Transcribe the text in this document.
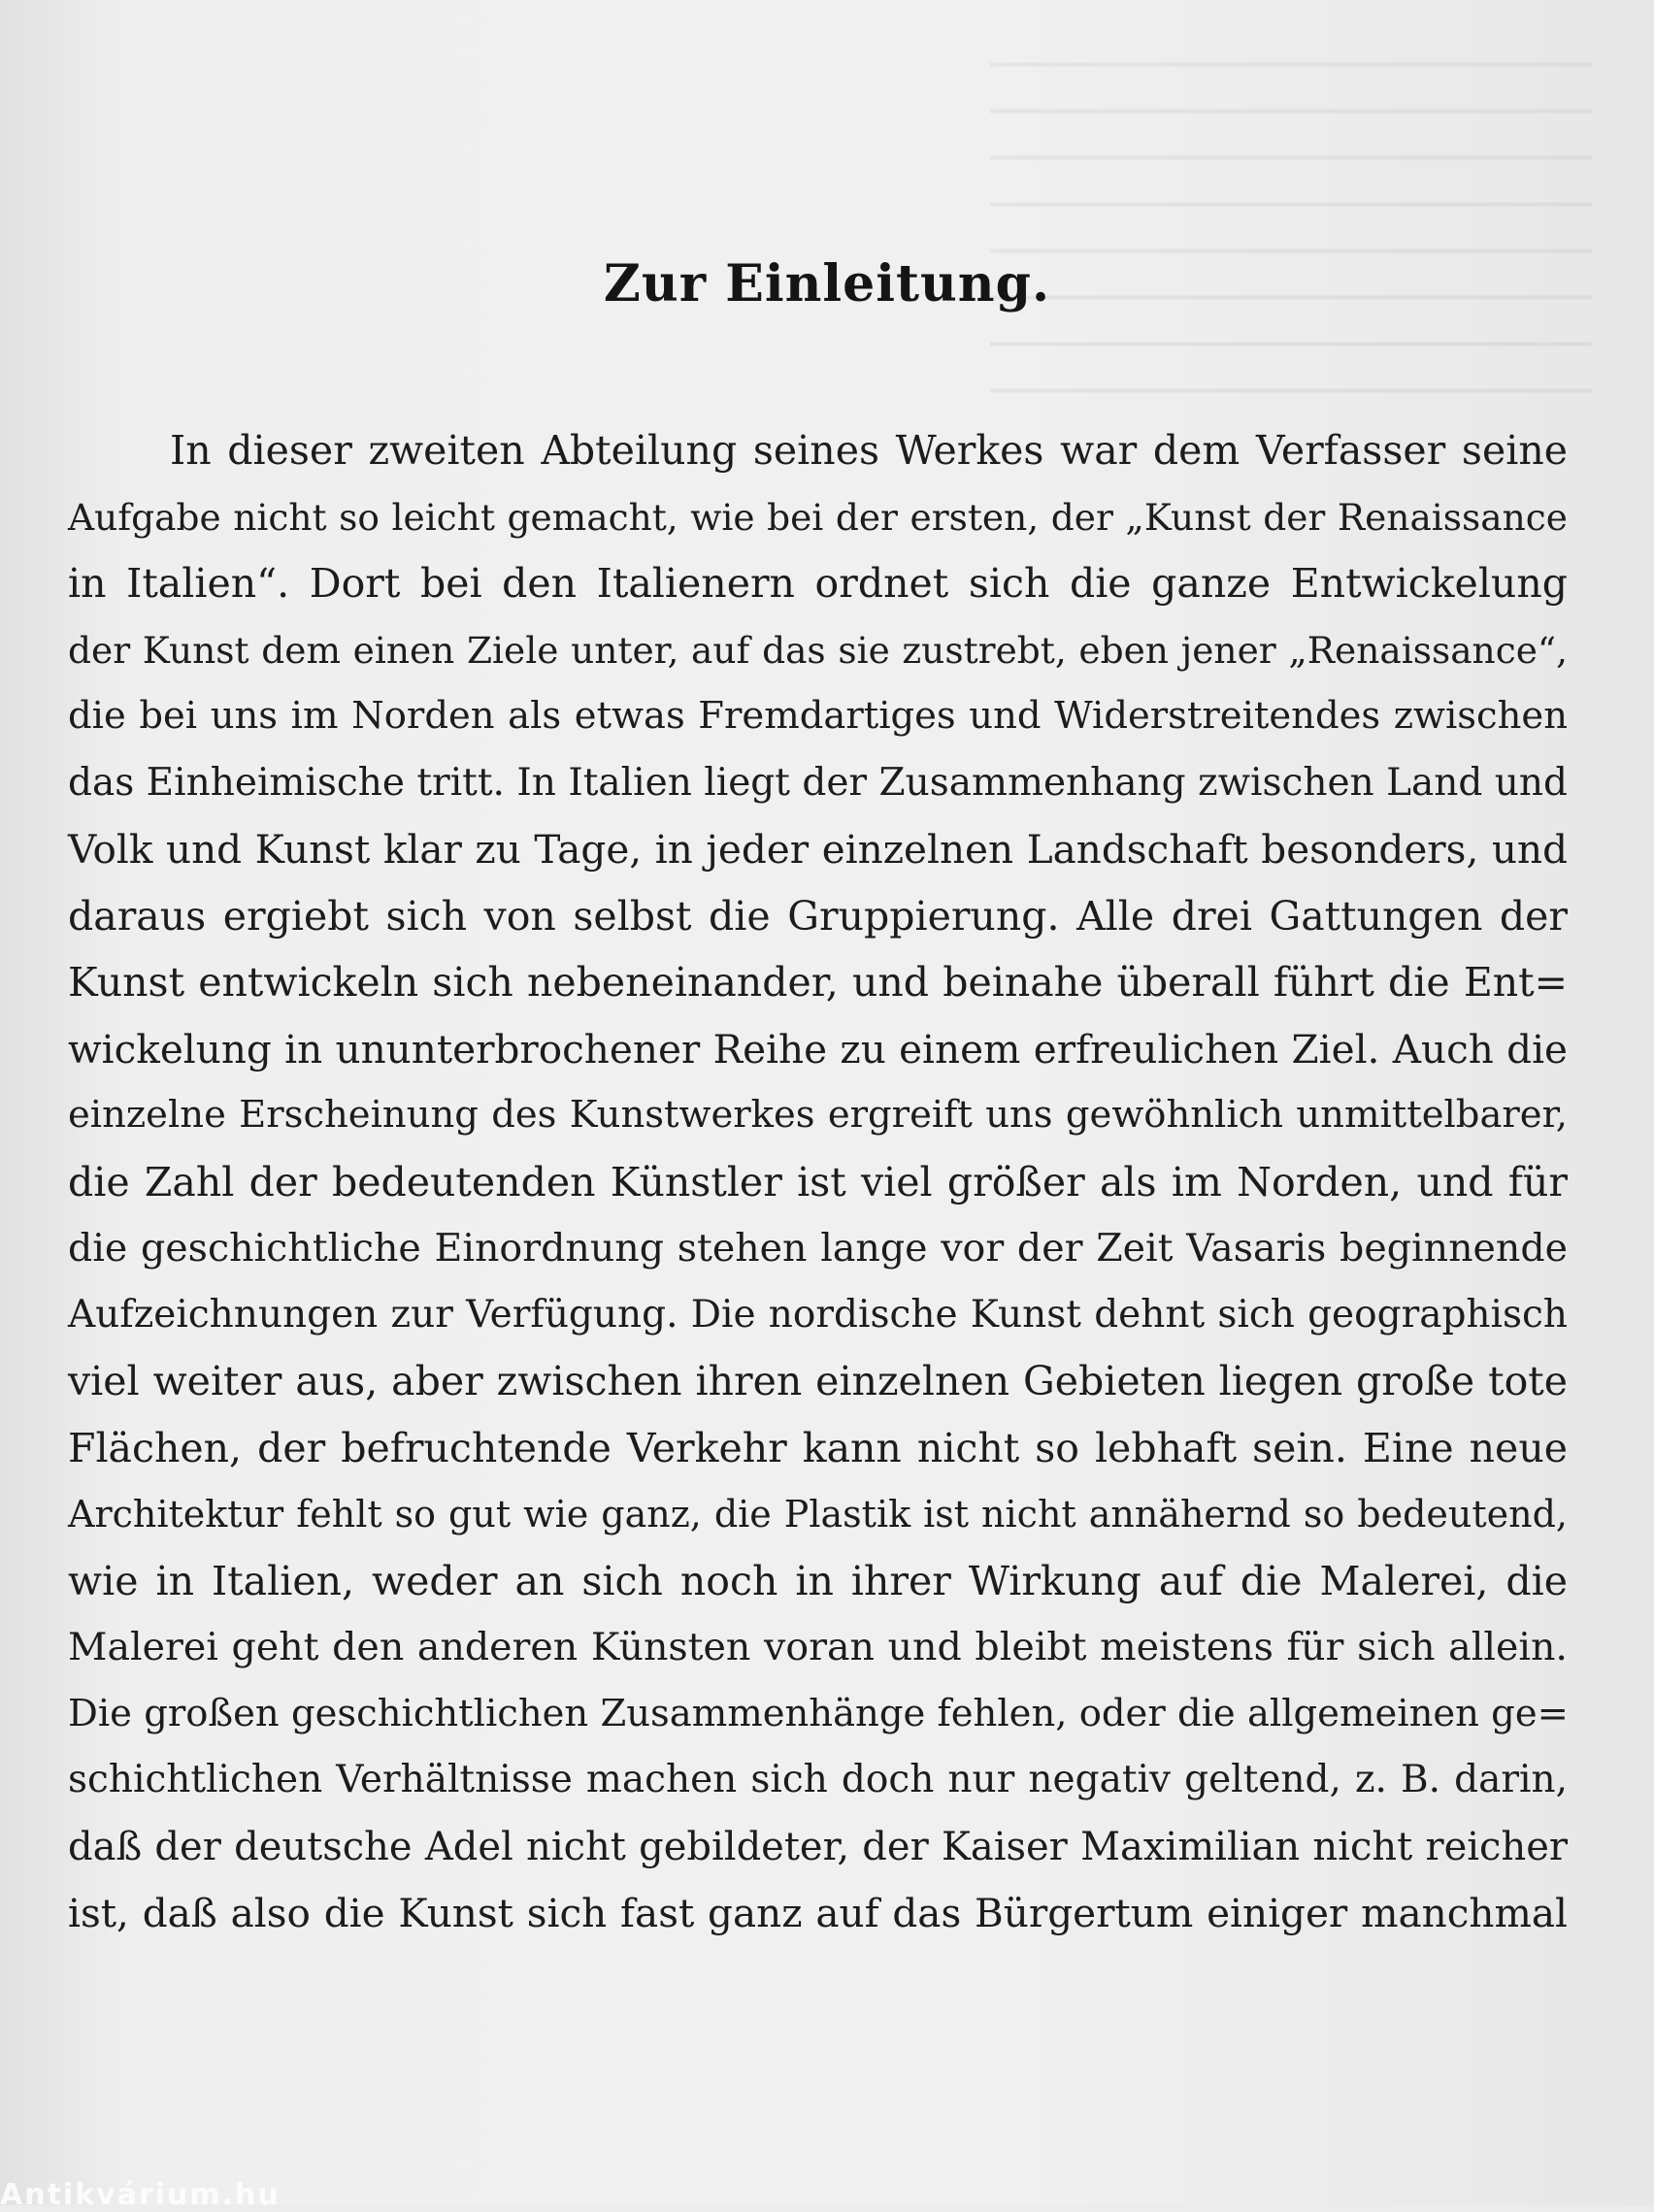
Zur Einleitung.
In dieser zweiten Abteilung seines Werkes war dem Verfasser seine
Aufgabe nicht so leicht gemacht, wie bei der ersten, der „Kunst der Renaissance
in Italien“. Dort bei den Italienern ordnet sich die ganze Entwickelung
der Kunst dem einen Ziele unter, auf das sie zustrebt, eben jener „Renaissance“,
die bei uns im Norden als etwas Fremdartiges und Widerstreitendes zwischen
das Einheimische tritt. In Italien liegt der Zusammenhang zwischen Land und
Volk und Kunst klar zu Tage, in jeder einzelnen Landschaft besonders, und
daraus ergiebt sich von selbst die Gruppierung. Alle drei Gattungen der
Kunst entwickeln sich nebeneinander, und beinahe überall führt die Ent=
wickelung in ununterbrochener Reihe zu einem erfreulichen Ziel. Auch die
einzelne Erscheinung des Kunstwerkes ergreift uns gewöhnlich unmittelbarer,
die Zahl der bedeutenden Künstler ist viel größer als im Norden, und für
die geschichtliche Einordnung stehen lange vor der Zeit Vasaris beginnende
Aufzeichnungen zur Verfügung. Die nordische Kunst dehnt sich geographisch
viel weiter aus, aber zwischen ihren einzelnen Gebieten liegen große tote
Flächen, der befruchtende Verkehr kann nicht so lebhaft sein. Eine neue
Architektur fehlt so gut wie ganz, die Plastik ist nicht annähernd so bedeutend,
wie in Italien, weder an sich noch in ihrer Wirkung auf die Malerei, die
Malerei geht den anderen Künsten voran und bleibt meistens für sich allein.
Die großen geschichtlichen Zusammenhänge fehlen, oder die allgemeinen ge=
schichtlichen Verhältnisse machen sich doch nur negativ geltend, z. B. darin,
daß der deutsche Adel nicht gebildeter, der Kaiser Maximilian nicht reicher
ist, daß also die Kunst sich fast ganz auf das Bürgertum einiger manchmal
Antikvárium.hu
